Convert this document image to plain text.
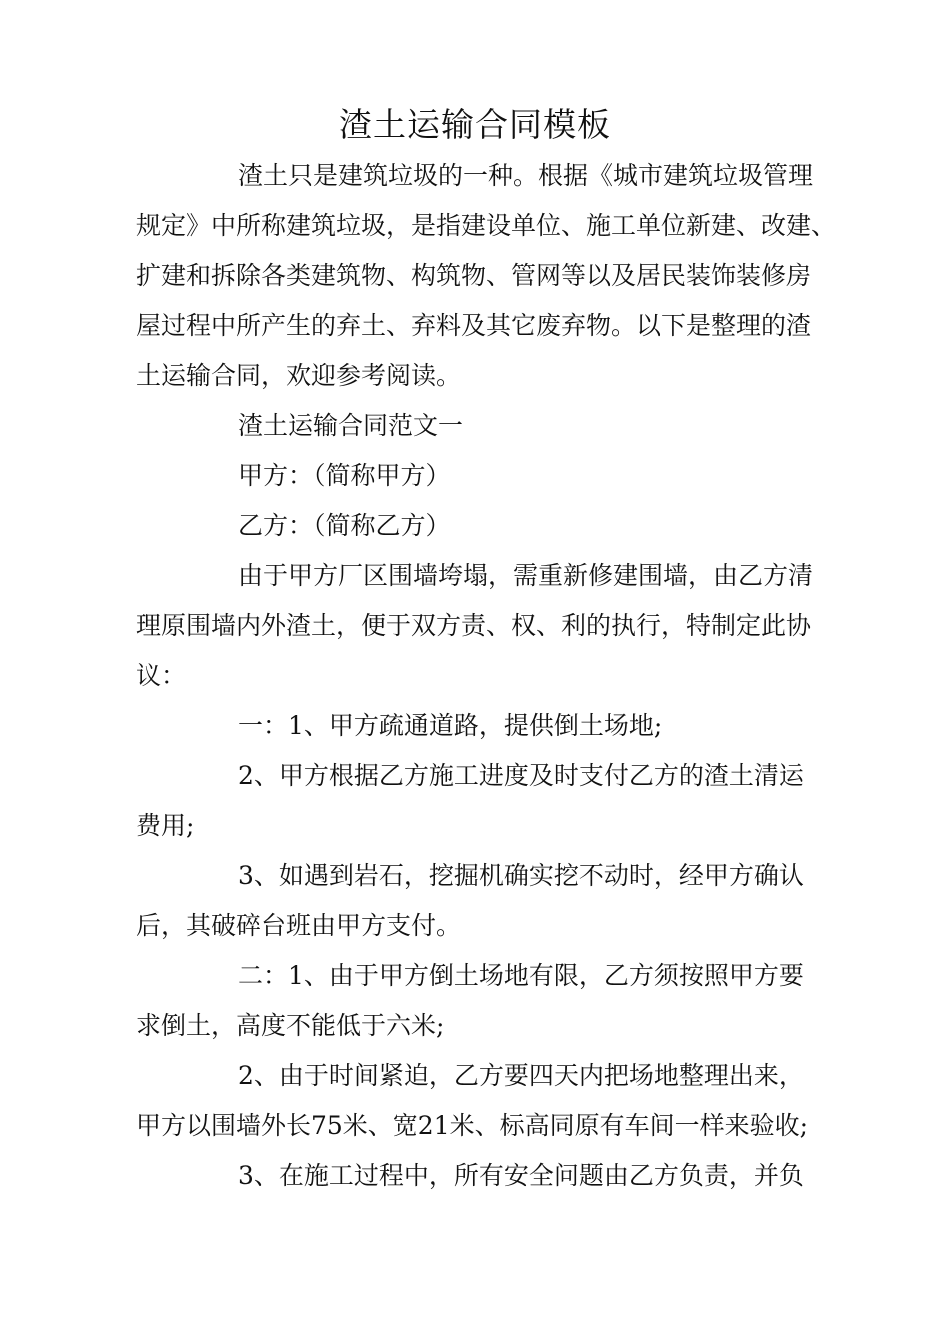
渣土运输合同模板
渣土只是建筑垃圾的一种。根据《城市建筑垃圾管理
规定》中所称建筑垃圾，是指建设单位、施工单位新建、改建、
扩建和拆除各类建筑物、构筑物、管网等以及居民装饰装修房
屋过程中所产生的弃土、弃料及其它废弃物。以下是整理的渣
土运输合同，欢迎参考阅读。
渣土运输合同范文一
甲方：（简称甲方）
乙方：（简称乙方）
由于甲方厂区围墙垮塌，需重新修建围墙，由乙方清
理原围墙内外渣土，便于双方责、权、利的执行，特制定此协
议：
一：1、甲方疏通道路，提供倒土场地;
2、甲方根据乙方施工进度及时支付乙方的渣土清运
费用;
3、如遇到岩石，挖掘机确实挖不动时，经甲方确认
后，其破碎台班由甲方支付。
二：1、由于甲方倒土场地有限，乙方须按照甲方要
求倒土，高度不能低于六米;
2、由于时间紧迫，乙方要四天内把场地整理出来，
甲方以围墙外长75米、宽21米、标高同原有车间一样来验收;
3、在施工过程中，所有安全问题由乙方负责，并负
